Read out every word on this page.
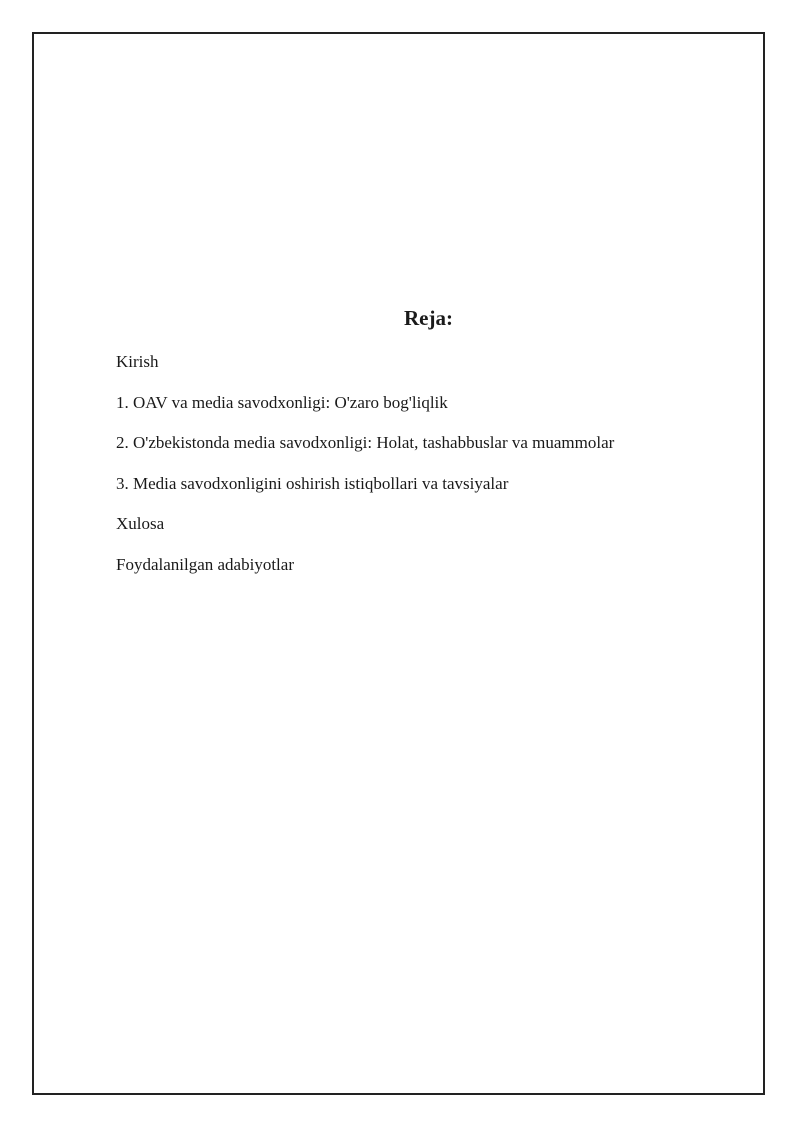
Reja:
Kirish
1. OAV va media savodxonligi: O'zaro bog'liqlik
2. O'zbekistonda media savodxonligi: Holat, tashabbuslar va muammolar
3. Media savodxonligini oshirish istiqbollari va tavsiyalar
Xulosa
Foydalanilgan adabiyotlar
